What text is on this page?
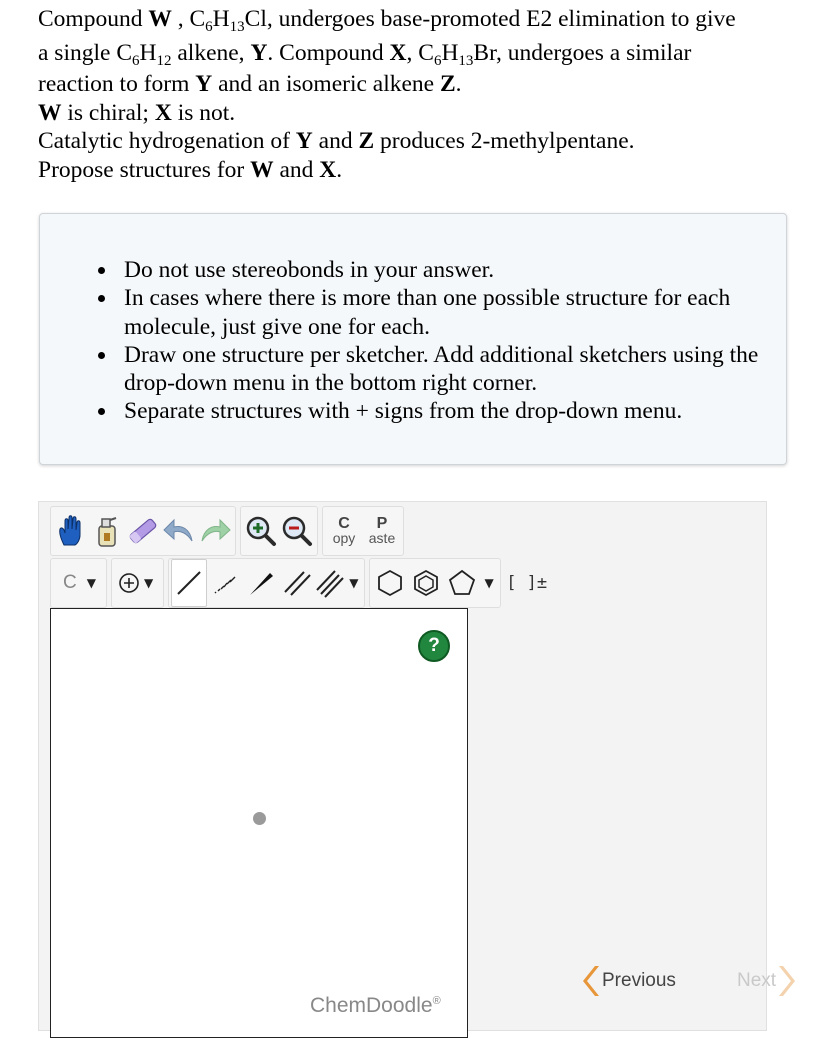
Compound W , $C_6H_{13}Cl$, undergoes base-promoted E2 elimination to give
a single $C_6H_{12}$ alkene, Y. Compound X, $C_6H_{13}Br$, undergoes a similar
reaction to form Y and an isomeric alkene Z.
W is chiral; X is not.
Catalytic hydrogenation of Y and Z produces 2-methylpentane.
Propose structures for W and X.
Do not use stereobonds in your answer.
In cases where there is more than one possible structure for each molecule, just give one for each.
Draw one structure per sketcher. Add additional sketchers using the drop-down menu in the bottom right corner.
Separate structures with + signs from the drop-down menu.
C
opy
P
aste
C ▼	▼	▼	▼ [ ]±
?
ChemDoodle®
Previous	Next
